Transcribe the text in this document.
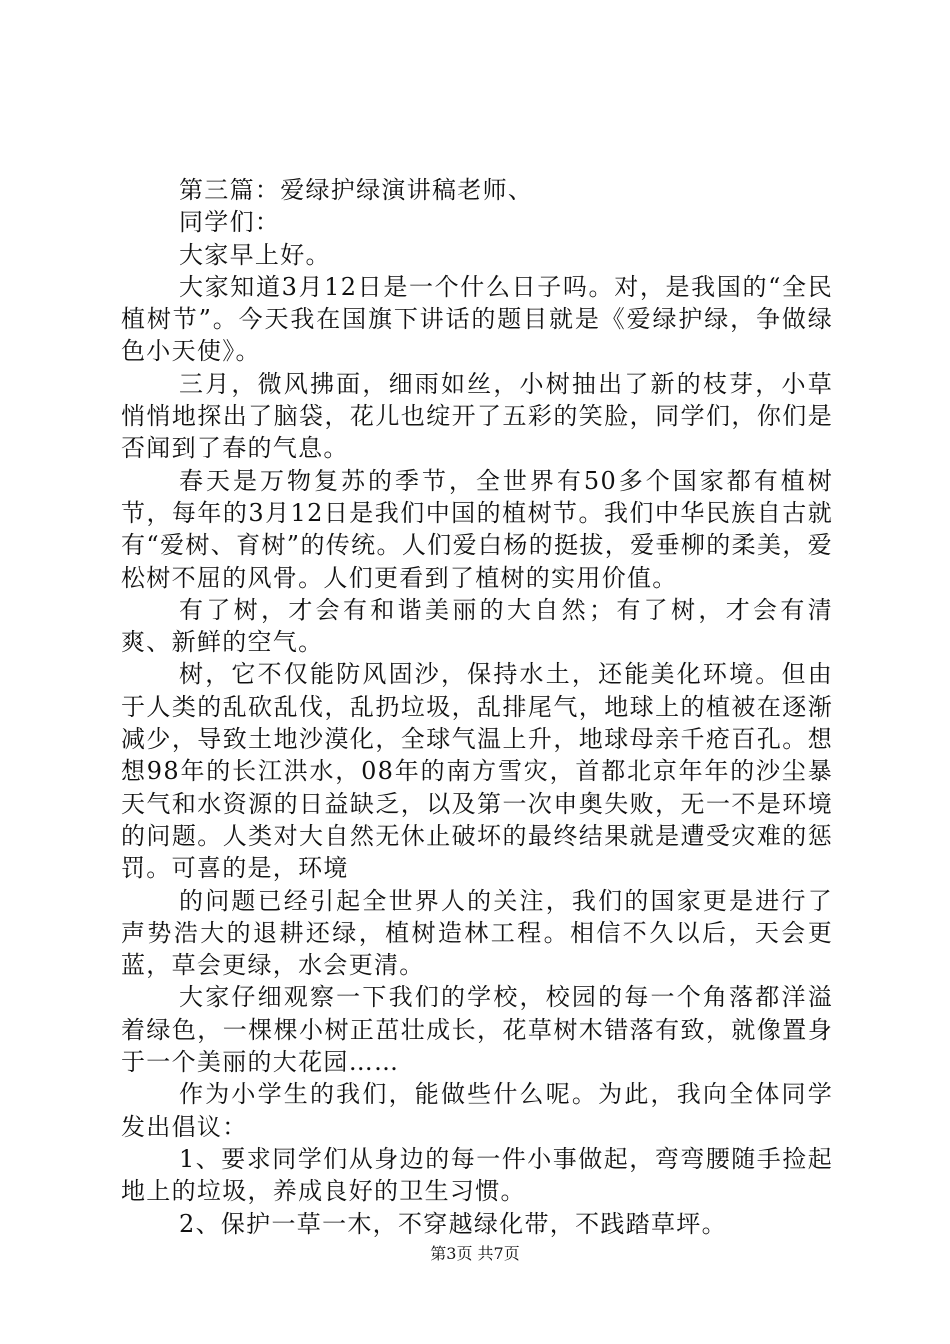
第三篇：爱绿护绿演讲稿老师、

同学们：

大家早上好。

大家知道3月12日是一个什么日子吗。对，是我国的“全民植树节”。今天我在国旗下讲话的题目就是《爱绿护绿，争做绿色小天使》。

三月，微风拂面，细雨如丝，小树抽出了新的枝芽，小草悄悄地探出了脑袋，花儿也绽开了五彩的笑脸，同学们，你们是否闻到了春的气息。

春天是万物复苏的季节，全世界有50多个国家都有植树节，每年的3月12日是我们中国的植树节。我们中华民族自古就有“爱树、育树”的传统。人们爱白杨的挺拔，爱垂柳的柔美，爱松树不屈的风骨。人们更看到了植树的实用价值。

有了树，才会有和谐美丽的大自然；有了树，才会有清爽、新鲜的空气。

树，它不仅能防风固沙，保持水土，还能美化环境。但由于人类的乱砍乱伐，乱扔垃圾，乱排尾气，地球上的植被在逐渐减少，导致土地沙漠化，全球气温上升，地球母亲千疮百孔。想想98年的长江洪水，08年的南方雪灾，首都北京年年的沙尘暴天气和水资源的日益缺乏，以及第一次申奥失败，无一不是环境的问题。人类对大自然无休止破坏的最终结果就是遭受灾难的惩罚。可喜的是，环境

的问题已经引起全世界人的关注，我们的国家更是进行了声势浩大的退耕还绿，植树造林工程。相信不久以后，天会更蓝，草会更绿，水会更清。

大家仔细观察一下我们的学校，校园的每一个角落都洋溢着绿色，一棵棵小树正茁壮成长，花草树木错落有致，就像置身于一个美丽的大花园……

作为小学生的我们，能做些什么呢。为此，我向全体同学发出倡议：

1、要求同学们从身边的每一件小事做起，弯弯腰随手捡起地上的垃圾，养成良好的卫生习惯。

2、保护一草一木，不穿越绿化带，不践踏草坪。

第3页 共7页
